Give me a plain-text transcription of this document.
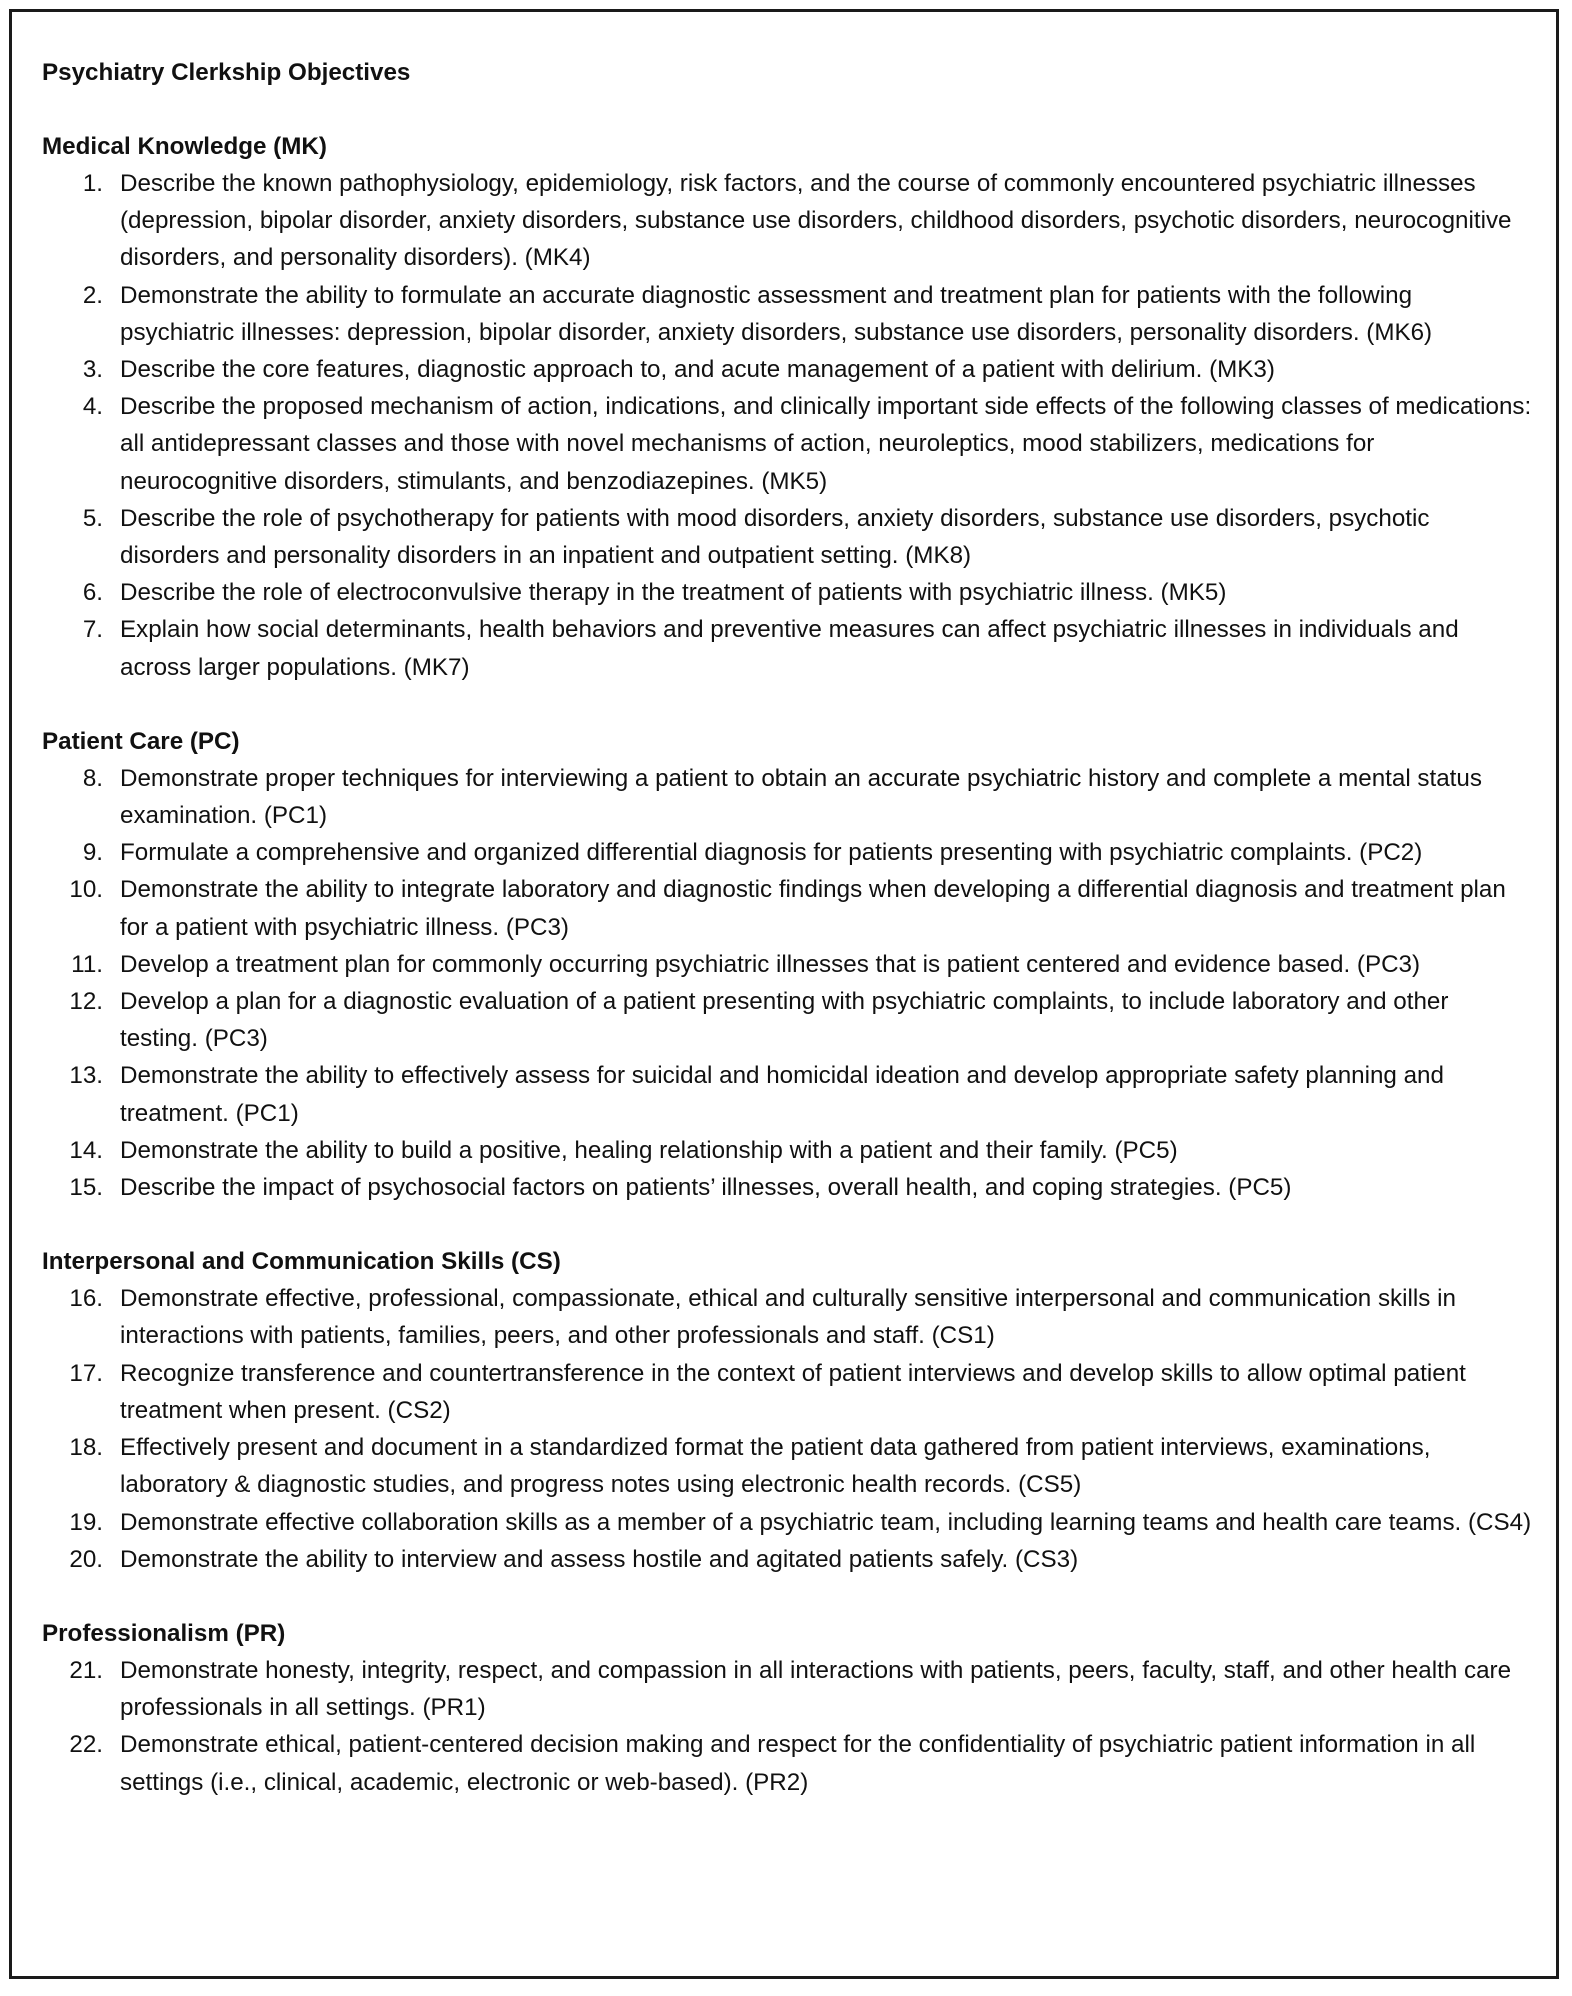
Psychiatry Clerkship Objectives

Medical Knowledge (MK)

1. Describe the known pathophysiology, epidemiology, risk factors, and the course of commonly encountered psychiatric illnesses (depression, bipolar disorder, anxiety disorders, substance use disorders, childhood disorders, psychotic disorders, neurocognitive disorders, and personality disorders). (MK4)
2. Demonstrate the ability to formulate an accurate diagnostic assessment and treatment plan for patients with the following psychiatric illnesses: depression, bipolar disorder, anxiety disorders, substance use disorders, personality disorders. (MK6)
3. Describe the core features, diagnostic approach to, and acute management of a patient with delirium. (MK3)
4. Describe the proposed mechanism of action, indications, and clinically important side effects of the following classes of medications: all antidepressant classes and those with novel mechanisms of action, neuroleptics, mood stabilizers, medications for neurocognitive disorders, stimulants, and benzodiazepines. (MK5)
5. Describe the role of psychotherapy for patients with mood disorders, anxiety disorders, substance use disorders, psychotic disorders and personality disorders in an inpatient and outpatient setting. (MK8)
6. Describe the role of electroconvulsive therapy in the treatment of patients with psychiatric illness. (MK5)
7. Explain how social determinants, health behaviors and preventive measures can affect psychiatric illnesses in individuals and across larger populations. (MK7)

Patient Care (PC)

8. Demonstrate proper techniques for interviewing a patient to obtain an accurate psychiatric history and complete a mental status examination. (PC1)
9. Formulate a comprehensive and organized differential diagnosis for patients presenting with psychiatric complaints. (PC2)
10. Demonstrate the ability to integrate laboratory and diagnostic findings when developing a differential diagnosis and treatment plan for a patient with psychiatric illness. (PC3)
11. Develop a treatment plan for commonly occurring psychiatric illnesses that is patient centered and evidence based. (PC3)
12. Develop a plan for a diagnostic evaluation of a patient presenting with psychiatric complaints, to include laboratory and other testing. (PC3)
13. Demonstrate the ability to effectively assess for suicidal and homicidal ideation and develop appropriate safety planning and treatment. (PC1)
14. Demonstrate the ability to build a positive, healing relationship with a patient and their family. (PC5)
15. Describe the impact of psychosocial factors on patients’ illnesses, overall health, and coping strategies. (PC5)

Interpersonal and Communication Skills (CS)

16. Demonstrate effective, professional, compassionate, ethical and culturally sensitive interpersonal and communication skills in interactions with patients, families, peers, and other professionals and staff. (CS1)
17. Recognize transference and countertransference in the context of patient interviews and develop skills to allow optimal patient treatment when present. (CS2)
18. Effectively present and document in a standardized format the patient data gathered from patient interviews, examinations, laboratory & diagnostic studies, and progress notes using electronic health records. (CS5)
19. Demonstrate effective collaboration skills as a member of a psychiatric team, including learning teams and health care teams. (CS4)
20. Demonstrate the ability to interview and assess hostile and agitated patients safely. (CS3)

Professionalism (PR)

21. Demonstrate honesty, integrity, respect, and compassion in all interactions with patients, peers, faculty, staff, and other health care professionals in all settings. (PR1)
22. Demonstrate ethical, patient-centered decision making and respect for the confidentiality of psychiatric patient information in all settings (i.e., clinical, academic, electronic or web-based). (PR2)
